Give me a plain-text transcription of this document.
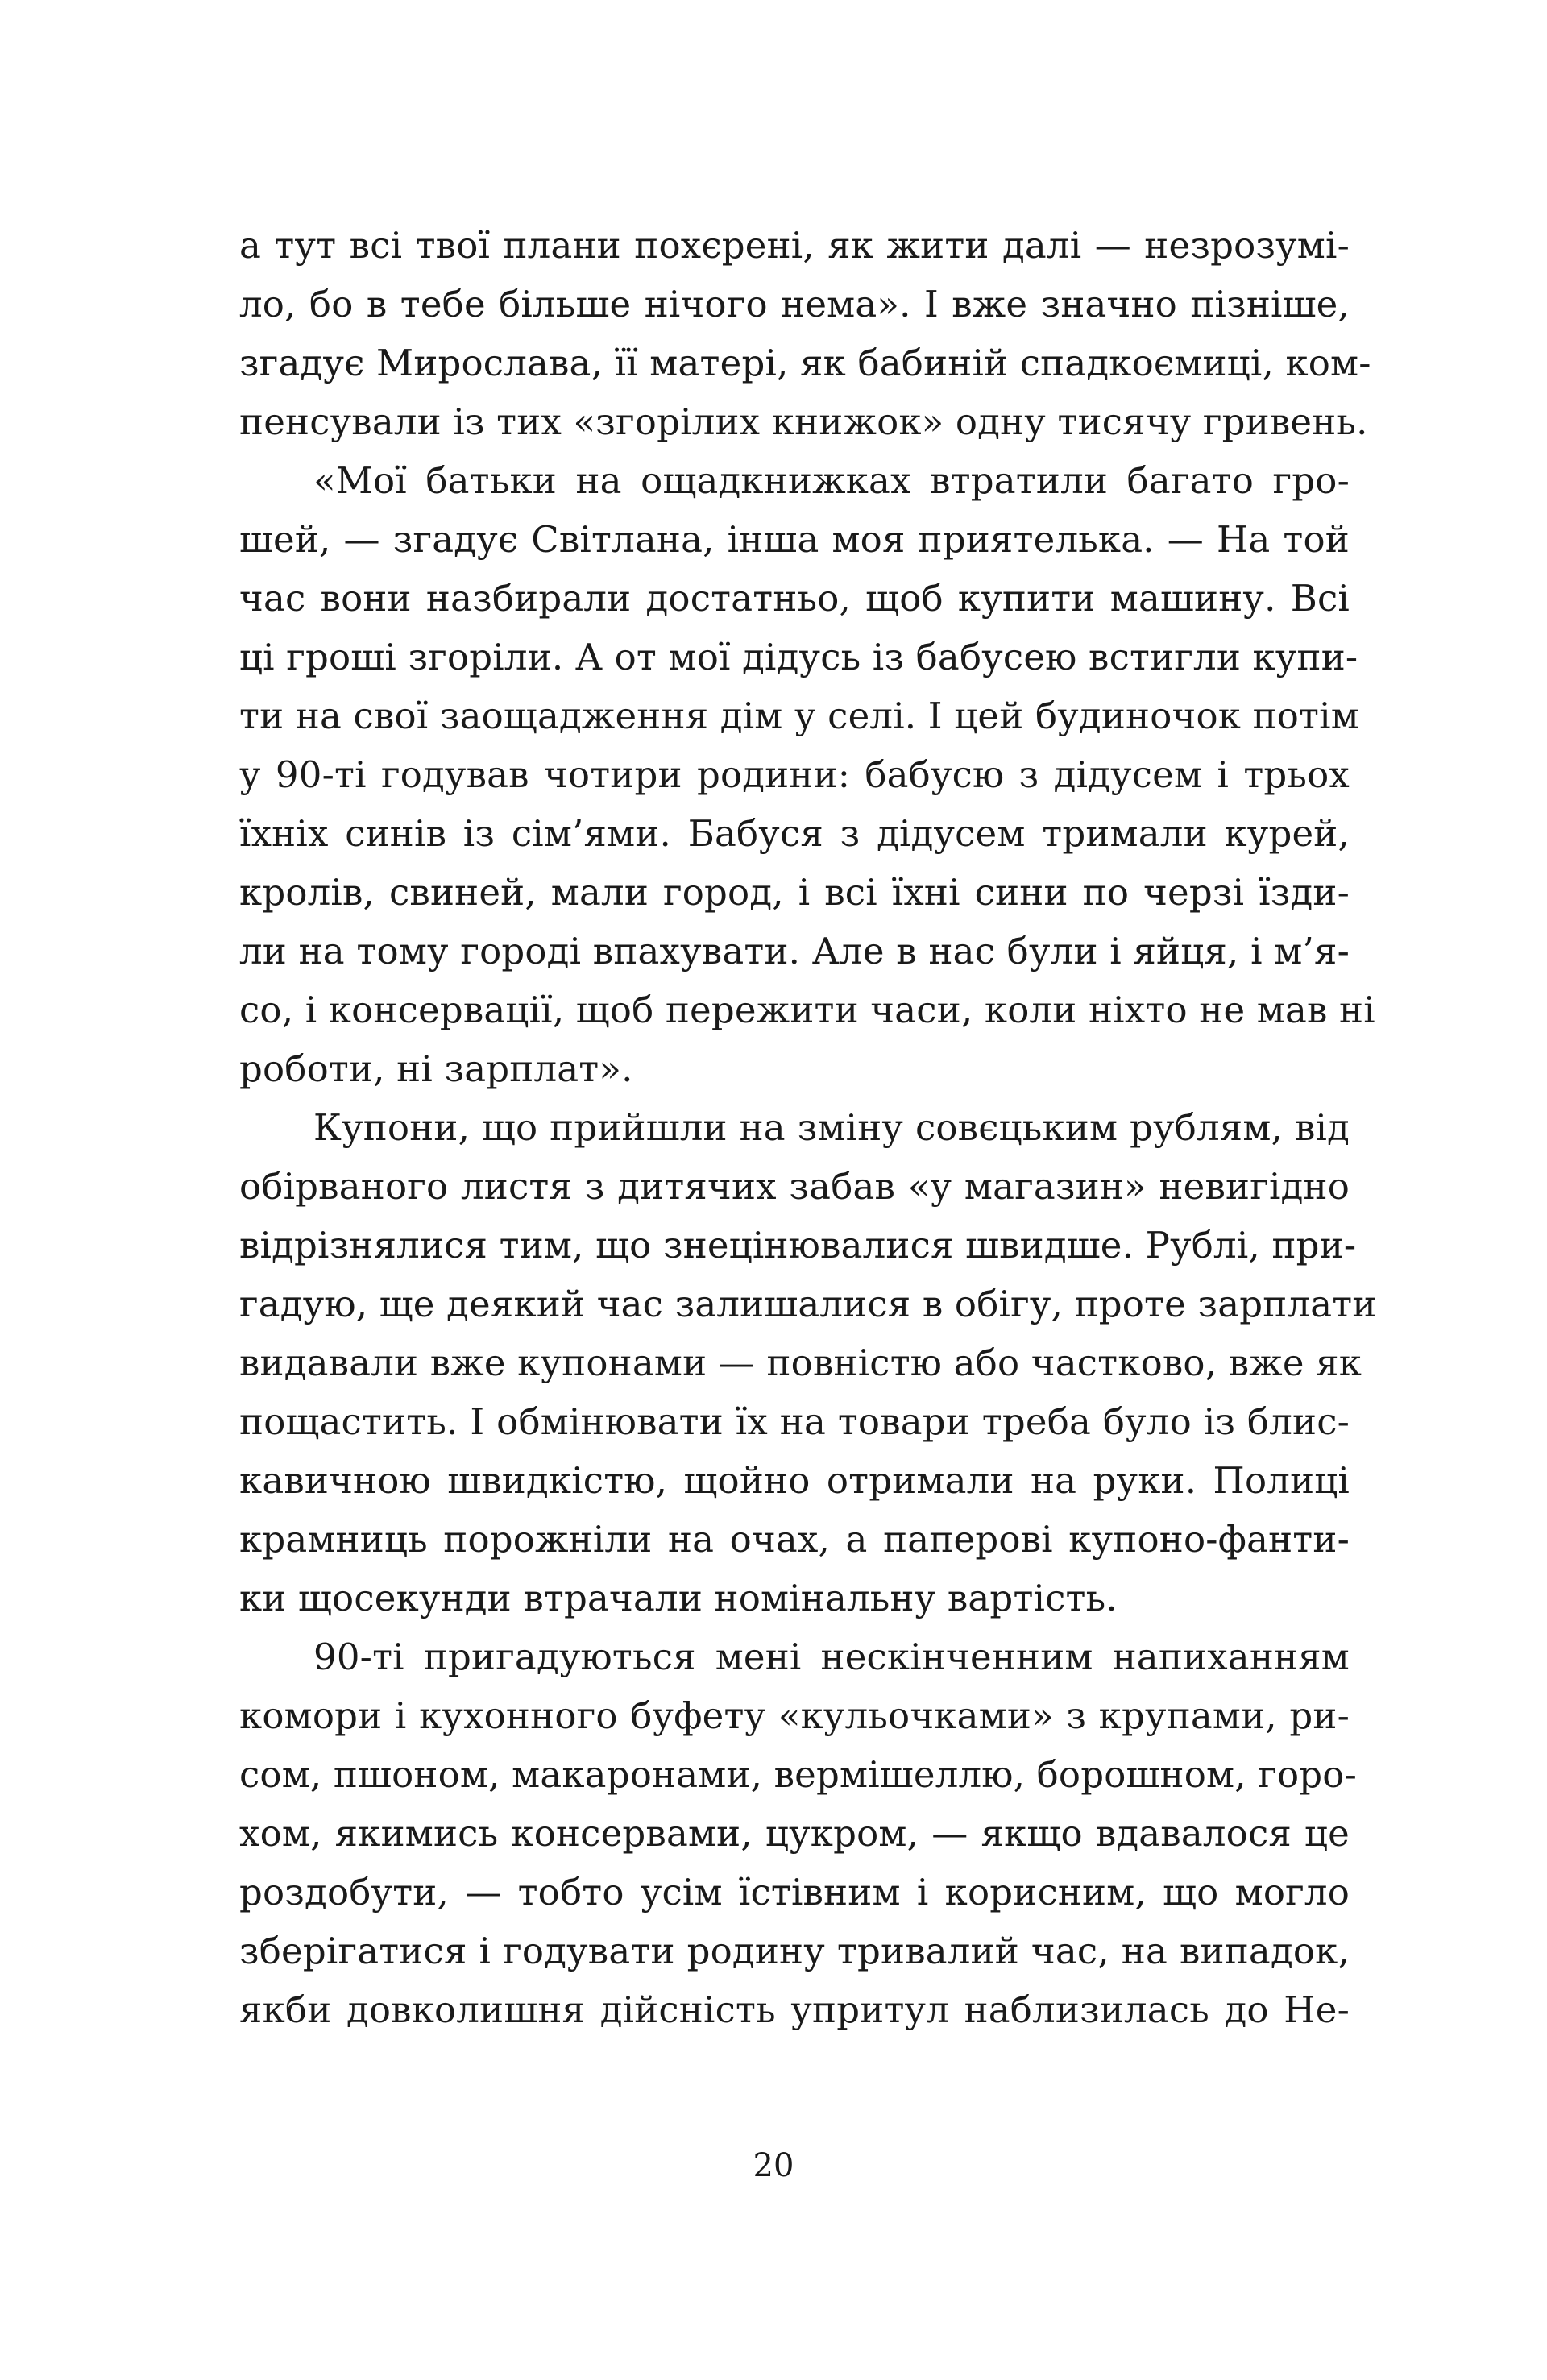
а тут всі твої плани похєрені, як жити далі — незрозумі-
ло, бо в тебе більше нічого нема». І вже значно пізніше,
згадує Мирослава, її матері, як бабиній спадкоємиці, ком-
пенсували із тих «згорілих книжок» одну тисячу гривень.
«Мої батьки на ощадкнижках втратили багато гро-
шей, — згадує Світлана, інша моя приятелька. — На той
час вони назбирали достатньо, щоб купити машину. Всі
ці гроші згоріли. А от мої дідусь із бабусею встигли купи-
ти на свої заощадження дім у селі. І цей будиночок потім
у 90-ті годував чотири родини: бабусю з дідусем і трьох
їхніх синів із сім’ями. Бабуся з дідусем тримали курей,
кролів, свиней, мали город, і всі їхні сини по черзі їзди-
ли на тому городі впахувати. Але в нас були і яйця, і м’я-
со, і консервації, щоб пережити часи, коли ніхто не мав ні
роботи, ні зарплат».
Купони, що прийшли на зміну совєцьким рублям, від
обірваного листя з дитячих забав «у магазин» невигідно
відрізнялися тим, що знецінювалися швидше. Рублі, при-
гадую, ще деякий час залишалися в обігу, проте зарплати
видавали вже купонами — повністю або частково, вже як
пощастить. І обмінювати їх на товари треба було із блис-
кавичною швидкістю, щойно отримали на руки. Полиці
крамниць порожніли на очах, а паперові купоно-фанти-
ки щосекунди втрачали номінальну вартість.
90-ті пригадуються мені нескінченним напиханням
комори і кухонного буфету «кульочками» з крупами, ри-
сом, пшоном, макаронами, вермішеллю, борошном, горо-
хом, якимись консервами, цукром, — якщо вдавалося це
роздобути, — тобто усім їстівним і корисним, що могло
зберігатися і годувати родину тривалий час, на випадок,
якби довколишня дійсність упритул наблизилась до Не-
20
